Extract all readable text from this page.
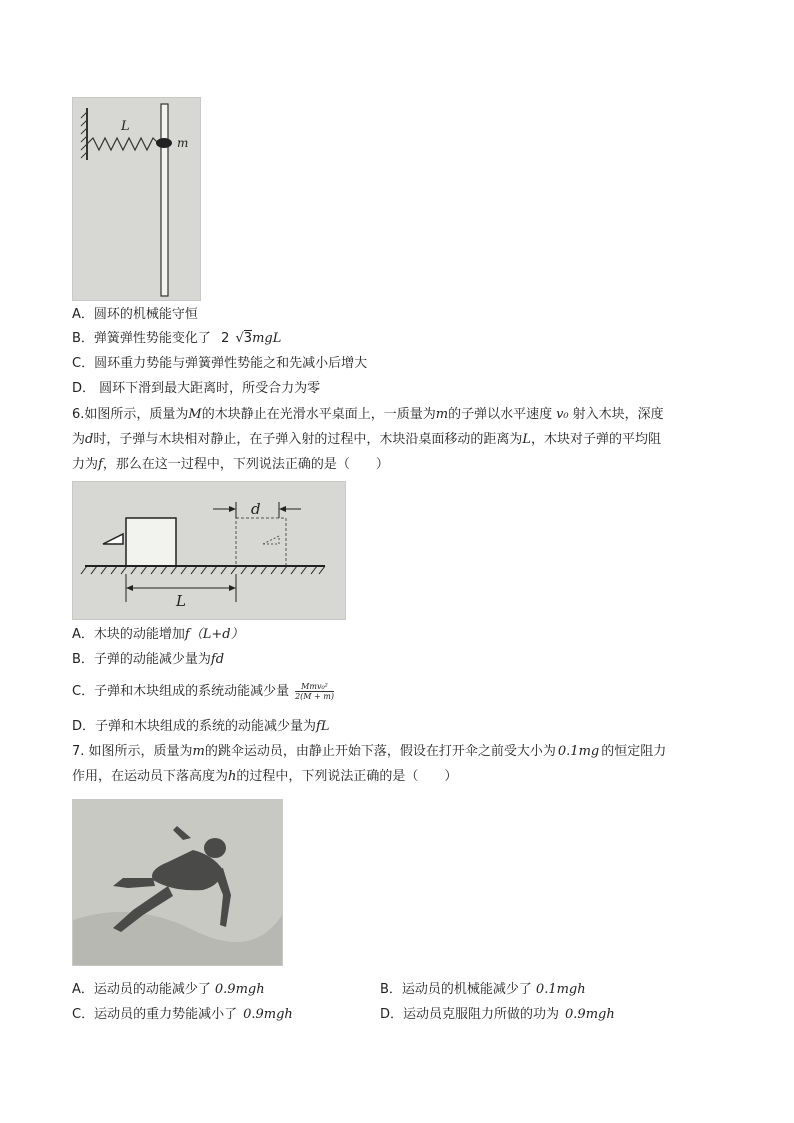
L
m
A．圆环的机械能守恒
B．弹簧弹性势能变化了 2 √3mgL
C．圆环重力势能与弹簧弹性势能之和先减小后增大
D． 圆环下滑到最大距离时，所受合力为零
6.如图所示，质量为M的木块静止在光滑水平桌面上，一质量为m的子弹以水平速度 v₀ 射入木块，深度
为d时，子弹与木块相对静止，在子弹入射的过程中，木块沿桌面移动的距离为L，木块对子弹的平均阻
力为f，那么在这一过程中，下列说法正确的是（　　）
d
L
A．木块的动能增加f（L+d）
B．子弹的动能减少量为fd
C．子弹和木块组成的系统动能减少量 $\frac{\text{Mmv₀²}}{2(M + m)}$
D．子弹和木块组成的系统的动能减少量为fL
7. 如图所示，质量为m的跳伞运动员，由静止开始下落，假设在打开伞之前受大小为 0.1mg 的恒定阻力
作用，在运动员下落高度为h的过程中，下列说法正确的是（　　）
A．运动员的动能减少了 0.9mgh	B．运动员的机械能减少了 0.1mgh
C．运动员的重力势能减小了 0.9mgh	D．运动员克服阻力所做的功为 0.9mgh
